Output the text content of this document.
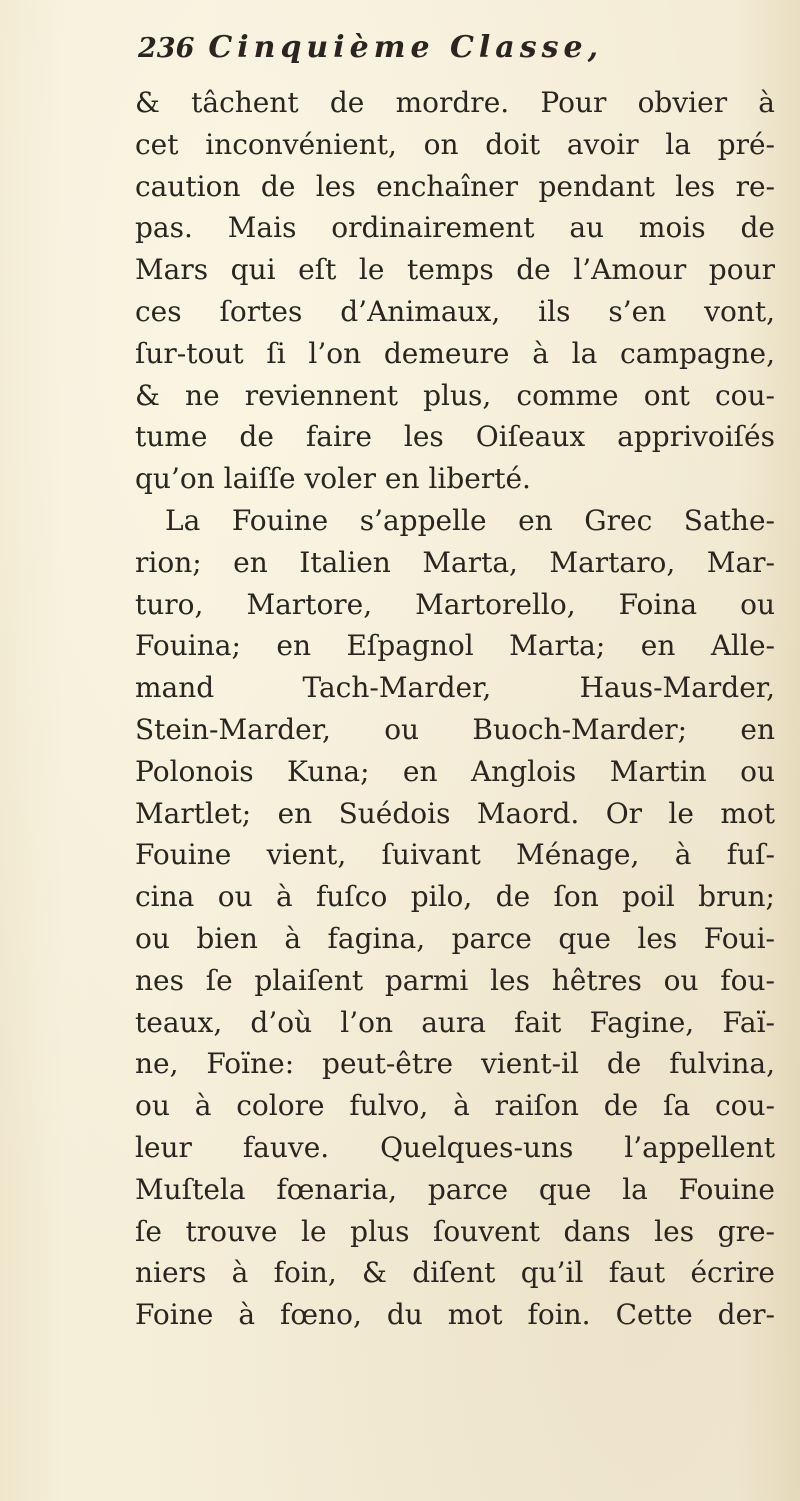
236 Cinquième Classe,
& tâchent de mordre. Pour obvier à
cet inconvénient, on doit avoir la pré-
caution de les enchaîner pendant les re-
pas. Mais ordinairement au mois de
Mars qui eſt le temps de l’Amour pour
ces ſortes d’Animaux, ils s’en vont,
ſur-tout ſi l’on demeure à la campagne,
& ne reviennent plus, comme ont cou-
tume de faire les Oiſeaux apprivoiſés
qu’on laiſſe voler en liberté.
La Fouine s’appelle en Grec Sathe-
rion; en Italien Marta, Martaro, Mar-
turo, Martore, Martorello, Foina ou
Fouina; en Eſpagnol Marta; en Alle-
mand Tach-Marder, Haus-Marder,
Stein-Marder, ou Buoch-Marder; en
Polonois Kuna; en Anglois Martin ou
Martlet; en Suédois Maord. Or le mot
Fouine vient, ſuivant Ménage, à fuſ-
cina ou à fuſco pilo, de ſon poil brun;
ou bien à fagina, parce que les Foui-
nes ſe plaiſent parmi les hêtres ou fou-
teaux, d’où l’on aura fait Fagine, Faï-
ne, Foïne: peut-être vient-il de fulvina,
ou à colore fulvo, à raiſon de ſa cou-
leur fauve. Quelques-uns l’appellent
Muſtela fœnaria, parce que la Fouine
ſe trouve le plus ſouvent dans les gre-
niers à foin, & diſent qu’il faut écrire
Foine à fœno, du mot foin. Cette der-
